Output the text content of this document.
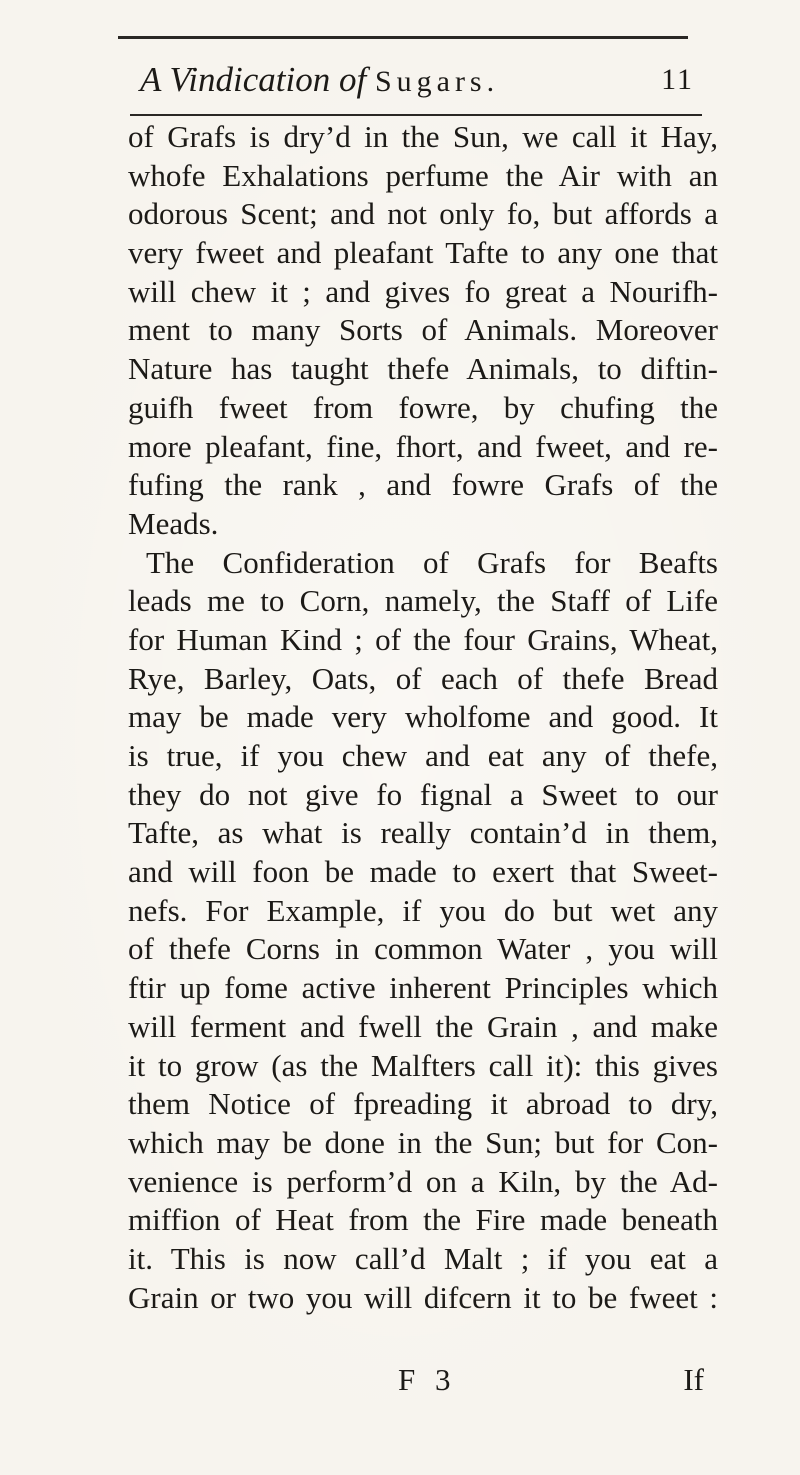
A Vindication of Sugars.	11
of Grafs is dry’d in the Sun, we call it Hay,
whofe Exhalations perfume the Air with an
odorous Scent; and not only fo, but affords a
very fweet and pleafant Tafte to any one that
will chew it ; and gives fo great a Nourifh-
ment to many Sorts of Animals. Moreover
Nature has taught thefe Animals, to diftin-
guifh fweet from fowre, by chufing the
more pleafant, fine, fhort, and fweet, and re-
fufing the rank , and fowre Grafs of the
Meads.
The Confideration of Grafs for Beafts
leads me to Corn, namely, the Staff of Life
for Human Kind ; of the four Grains, Wheat,
Rye, Barley, Oats, of each of thefe Bread
may be made very wholfome and good. It
is true, if you chew and eat any of thefe,
they do not give fo fignal a Sweet to our
Tafte, as what is really contain’d in them,
and will foon be made to exert that Sweet-
nefs. For Example, if you do but wet any
of thefe Corns in common Water , you will
ftir up fome active inherent Principles which
will ferment and fwell the Grain , and make
it to grow (as the Malfters call it): this gives
them Notice of fpreading it abroad to dry,
which may be done in the Sun; but for Con-
venience is perform’d on a Kiln, by the Ad-
miffion of Heat from the Fire made beneath
it. This is now call’d Malt ; if you eat a
Grain or two you will difcern it to be fweet :
F 3	If
